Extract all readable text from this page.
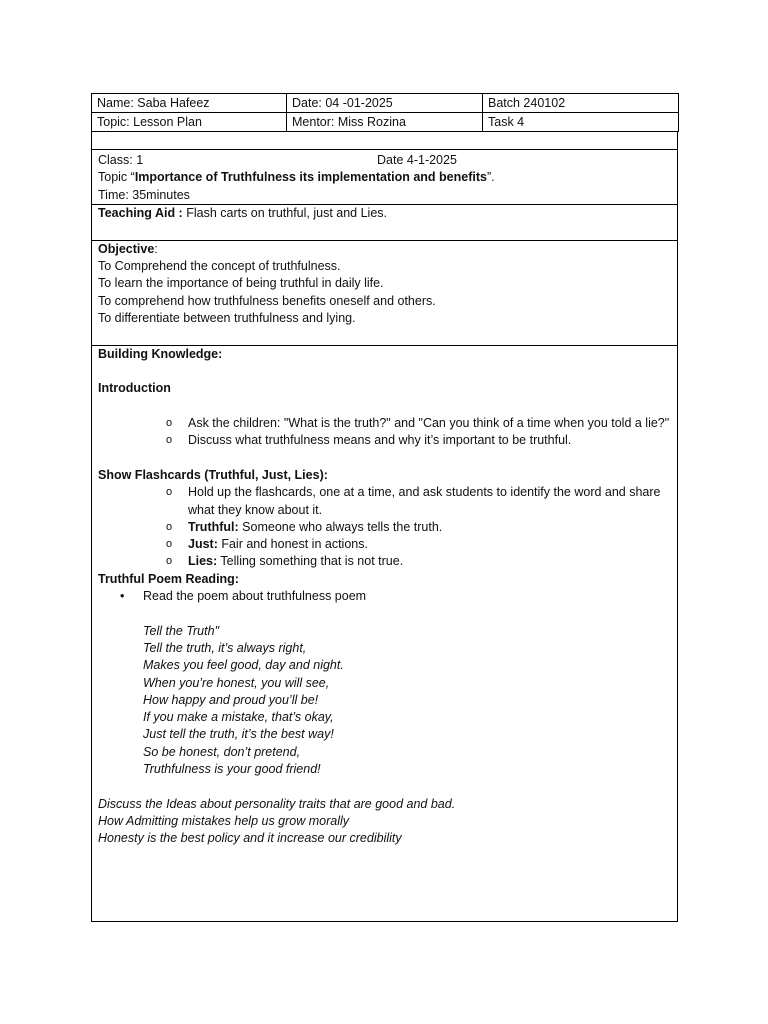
Name: Saba Hafeez	Date: 04 -01-2025	Batch 240102
Topic: Lesson Plan	Mentor: Miss Rozina	Task 4
Class: 1	Date 4-1-2025
Topic “Importance of Truthfulness its implementation and benefits”.
Time: 35minutes
Teaching Aid : Flash carts on truthful, just and Lies.
Objective:
To Comprehend the concept of truthfulness.
To learn the importance of being truthful in daily life.
To comprehend how truthfulness benefits oneself and others.
To differentiate between truthfulness and lying.
Building Knowledge:
Introduction
o Ask the children: "What is the truth?" and "Can you think of a time when you told a lie?"
o Discuss what truthfulness means and why it’s important to be truthful.
Show Flashcards (Truthful, Just, Lies):
o Hold up the flashcards, one at a time, and ask students to identify the word and share what they know about it.
o Truthful: Someone who always tells the truth.
o Just: Fair and honest in actions.
o Lies: Telling something that is not true.
Truthful Poem Reading:
• Read the poem about truthfulness poem
Tell the Truth"
Tell the truth, it’s always right,
Makes you feel good, day and night.
When you’re honest, you will see,
How happy and proud you’ll be!
If you make a mistake, that’s okay,
Just tell the truth, it’s the best way!
So be honest, don’t pretend,
Truthfulness is your good friend!
Discuss the Ideas about personality traits that are good and bad.
How Admitting mistakes help us grow morally
Honesty is the best policy and it increase our credibility
